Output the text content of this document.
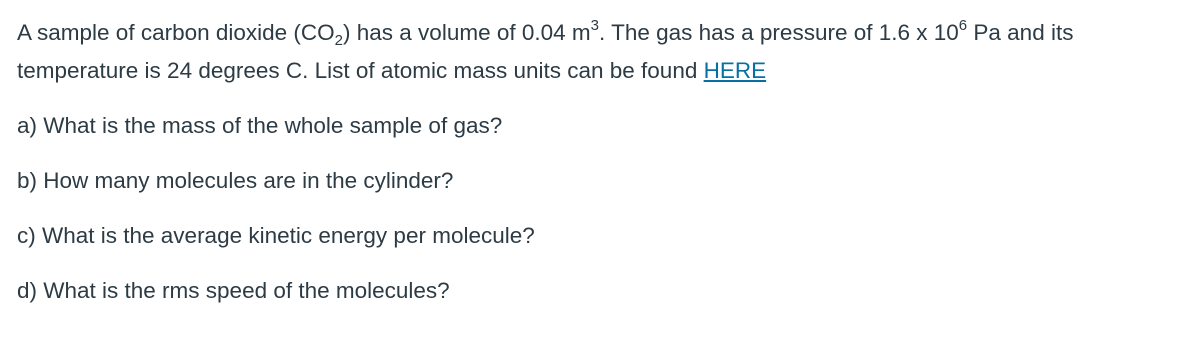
A sample of carbon dioxide $(CO_2)$ has a volume of 0.04 $m^3$. The gas has a pressure of 1.6 x $10^6$ Pa and its temperature is 24 degrees C. List of atomic mass units can be found HERE

a) What is the mass of the whole sample of gas?

b) How many molecules are in the cylinder?

c) What is the average kinetic energy per molecule?

d) What is the rms speed of the molecules?
